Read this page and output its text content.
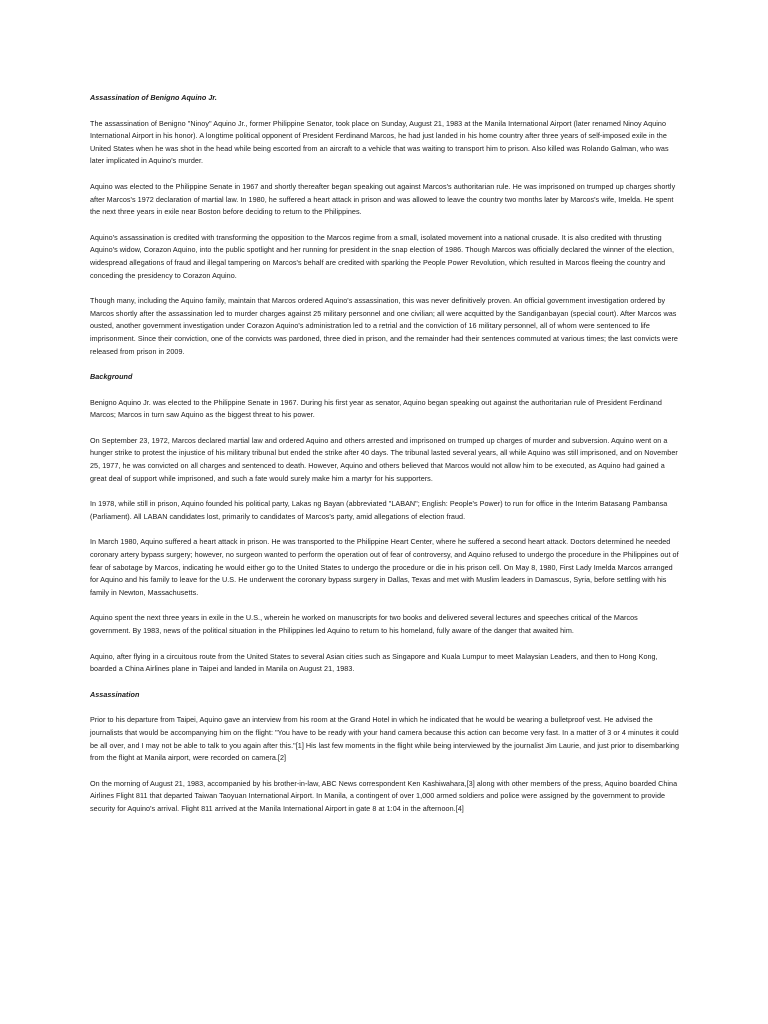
Assassination of Benigno Aquino Jr.
The assassination of Benigno "Ninoy" Aquino Jr., former Philippine Senator, took place on Sunday, August 21, 1983 at the Manila International Airport (later renamed Ninoy Aquino International Airport in his honor). A longtime political opponent of President Ferdinand Marcos, he had just landed in his home country after three years of self-imposed exile in the United States when he was shot in the head while being escorted from an aircraft to a vehicle that was waiting to transport him to prison. Also killed was Rolando Galman, who was later implicated in Aquino's murder.
Aquino was elected to the Philippine Senate in 1967 and shortly thereafter began speaking out against Marcos's authoritarian rule. He was imprisoned on trumped up charges shortly after Marcos's 1972 declaration of martial law. In 1980, he suffered a heart attack in prison and was allowed to leave the country two months later by Marcos's wife, Imelda. He spent the next three years in exile near Boston before deciding to return to the Philippines.
Aquino's assassination is credited with transforming the opposition to the Marcos regime from a small, isolated movement into a national crusade. It is also credited with thrusting Aquino's widow, Corazon Aquino, into the public spotlight and her running for president in the snap election of 1986. Though Marcos was officially declared the winner of the election, widespread allegations of fraud and illegal tampering on Marcos's behalf are credited with sparking the People Power Revolution, which resulted in Marcos fleeing the country and conceding the presidency to Corazon Aquino.
Though many, including the Aquino family, maintain that Marcos ordered Aquino's assassination, this was never definitively proven. An official government investigation ordered by Marcos shortly after the assassination led to murder charges against 25 military personnel and one civilian; all were acquitted by the Sandiganbayan (special court). After Marcos was ousted, another government investigation under Corazon Aquino's administration led to a retrial and the conviction of 16 military personnel, all of whom were sentenced to life imprisonment. Since their conviction, one of the convicts was pardoned, three died in prison, and the remainder had their sentences commuted at various times; the last convicts were released from prison in 2009.
Background
Benigno Aquino Jr. was elected to the Philippine Senate in 1967. During his first year as senator, Aquino began speaking out against the authoritarian rule of President Ferdinand Marcos; Marcos in turn saw Aquino as the biggest threat to his power.
On September 23, 1972, Marcos declared martial law and ordered Aquino and others arrested and imprisoned on trumped up charges of murder and subversion. Aquino went on a hunger strike to protest the injustice of his military tribunal but ended the strike after 40 days. The tribunal lasted several years, all while Aquino was still imprisoned, and on November 25, 1977, he was convicted on all charges and sentenced to death. However, Aquino and others believed that Marcos would not allow him to be executed, as Aquino had gained a great deal of support while imprisoned, and such a fate would surely make him a martyr for his supporters.
In 1978, while still in prison, Aquino founded his political party, Lakas ng Bayan (abbreviated "LABAN"; English: People's Power) to run for office in the Interim Batasang Pambansa (Parliament). All LABAN candidates lost, primarily to candidates of Marcos's party, amid allegations of election fraud.
In March 1980, Aquino suffered a heart attack in prison. He was transported to the Philippine Heart Center, where he suffered a second heart attack. Doctors determined he needed coronary artery bypass surgery; however, no surgeon wanted to perform the operation out of fear of controversy, and Aquino refused to undergo the procedure in the Philippines out of fear of sabotage by Marcos, indicating he would either go to the United States to undergo the procedure or die in his prison cell. On May 8, 1980, First Lady Imelda Marcos arranged for Aquino and his family to leave for the U.S. He underwent the coronary bypass surgery in Dallas, Texas and met with Muslim leaders in Damascus, Syria, before settling with his family in Newton, Massachusetts.
Aquino spent the next three years in exile in the U.S., wherein he worked on manuscripts for two books and delivered several lectures and speeches critical of the Marcos government. By 1983, news of the political situation in the Philippines led Aquino to return to his homeland, fully aware of the danger that awaited him.
Aquino, after flying in a circuitous route from the United States to several Asian cities such as Singapore and Kuala Lumpur to meet Malaysian Leaders, and then to Hong Kong, boarded a China Airlines plane in Taipei and landed in Manila on August 21, 1983.
Assassination
Prior to his departure from Taipei, Aquino gave an interview from his room at the Grand Hotel in which he indicated that he would be wearing a bulletproof vest. He advised the journalists that would be accompanying him on the flight: "You have to be ready with your hand camera because this action can become very fast. In a matter of 3 or 4 minutes it could be all over, and I may not be able to talk to you again after this."[1] His last few moments in the flight while being interviewed by the journalist Jim Laurie, and just prior to disembarking from the flight at Manila airport, were recorded on camera.[2]
On the morning of August 21, 1983, accompanied by his brother-in-law, ABC News correspondent Ken Kashiwahara,[3] along with other members of the press, Aquino boarded China Airlines Flight 811 that departed Taiwan Taoyuan International Airport. In Manila, a contingent of over 1,000 armed soldiers and police were assigned by the government to provide security for Aquino's arrival. Flight 811 arrived at the Manila International Airport in gate 8 at 1:04 in the afternoon.[4]
